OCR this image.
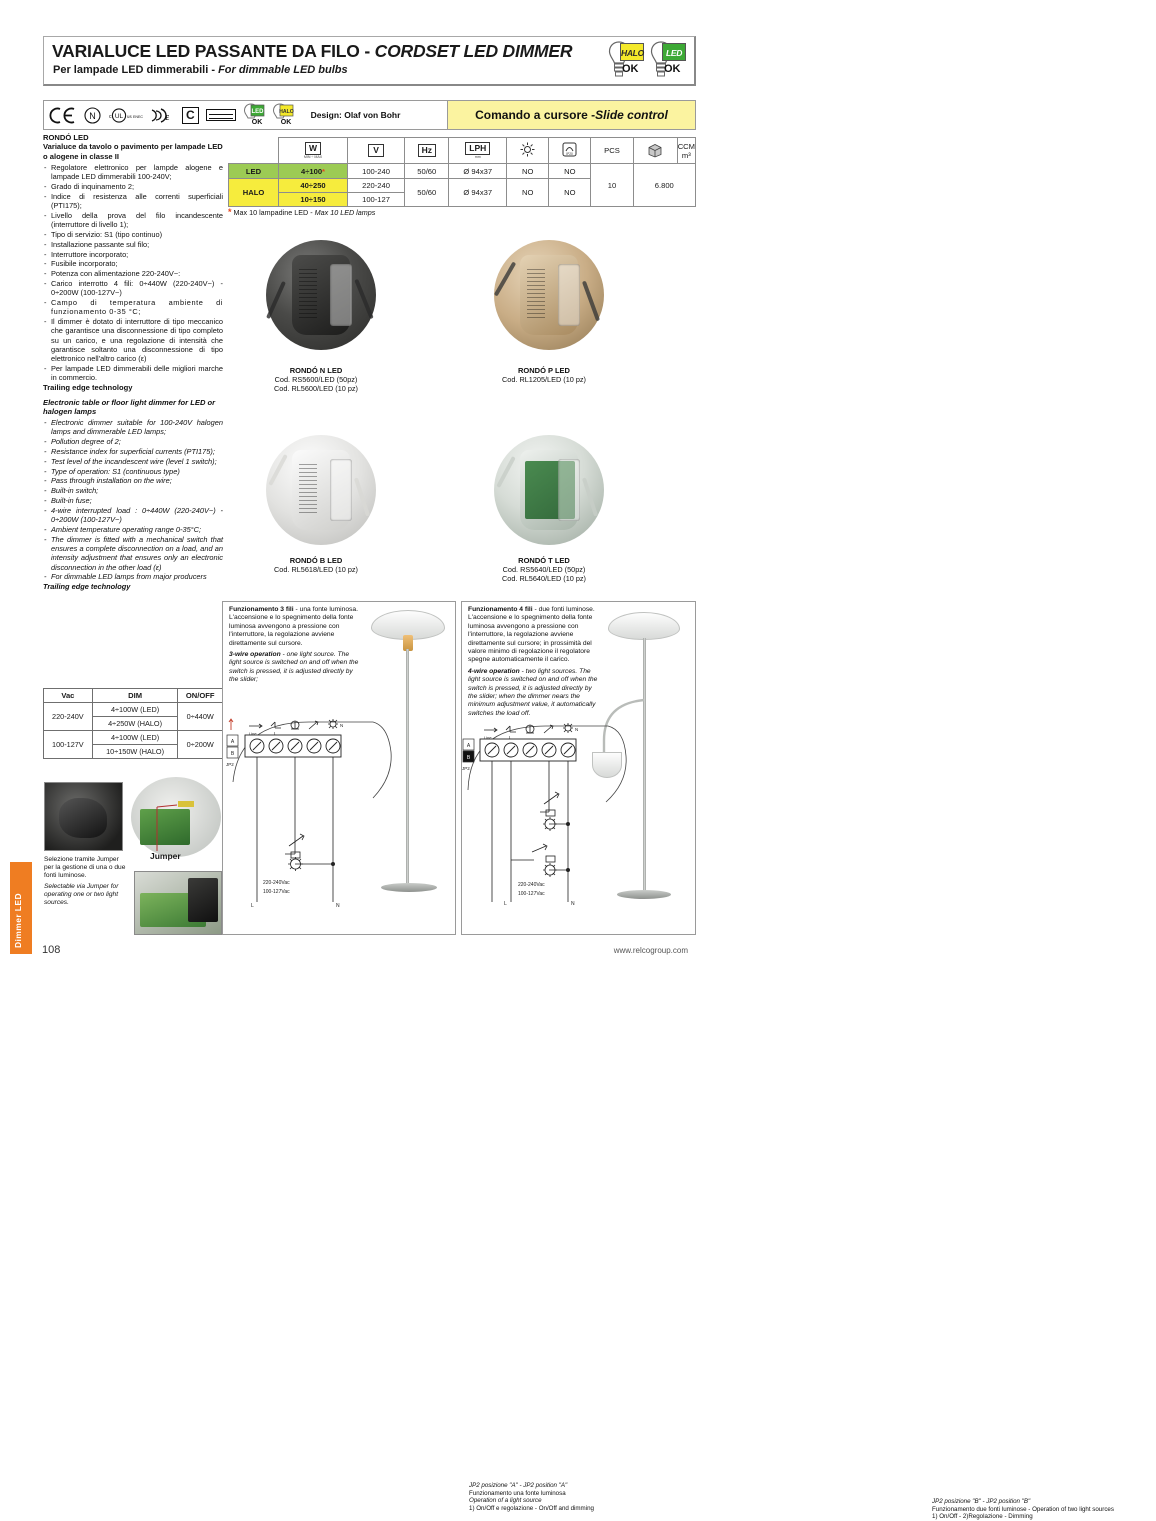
Dimmer LED
VARIALUCE LED PASSANTE DA FILO - CORDSET LED DIMMER
Per lampade LED dimmerabili - For dimmable LED bulbs
HALO
OK
LED
OK
N	c UL us ENEC ε	C	LED
OK
HALO
OK
Design: Olaf von Bohr	Comando a cursore - Slide control
RONDÓ LED
Varialuce da tavolo o pavimento per lampade LED o alogene in classe II
- Regolatore elettronico per lampde alogene e lampade LED dimmerabili 100-240V;
- Grado di inquinamento 2;
- Indice di resistenza alle correnti superficiali (PTI175);
- Livello della prova del filo incandescente (interruttore di livello 1);
- Tipo di servizio: S1 (tipo continuo)
- Installazione passante sul filo;
- Interruttore incorporato;
- Fusibile incorporato;
- Potenza con alimentazione 220-240V~:
- Carico interrotto 4 fili: 0÷440W (220-240V~) - 0÷200W (100-127V~)
- Campo di temperatura ambiente di funzionamento 0-35 °C;
- Il dimmer è dotato di interruttore di tipo meccanico che garantisce una disconnessione di tipo completo su un carico, e una regolazione di intensità che garantisce soltanto una disconnessione di tipo elettronico nell'altro carico (ε)
- Per lampade LED dimmerabili delle migliori marche in commercio.
Trailing edge technology
Electronic table or floor light dimmer for LED or halogen lamps
- Electronic dimmer suitable for 100-240V halogen lamps and dimmerable LED lamps;
- Pollution degree of 2;
- Resistance index for superficial currents (PTI175);
- Test level of the incandescent wire (level 1 switch);
- Type of operation: S1 (continuous type)
- Pass through installation on the wire;
- Built-in switch;
- Built-in fuse;
- 4-wire interrupted load : 0÷440W (220-240V~) - 0÷200W (100-127V~)
- Ambient temperature operating range 0-35°C;
- The dimmer is fitted with a mechanical switch that ensures a complete disconnection on a load, and an intensity adjustment that ensures only an electronic disconnection in the other load (ε)
- For dimmable LED lamps from major producers
Trailing edge technology
	W
MIN ÷ MAX	V	Hz	LPH
mm		IP20	PCS		CCM m³
LED	4÷100*	100-240	50/60	Ø 94x37	NO	NO	10	6.800	
HALO	40÷250	220-240	50/60	Ø 94x37	NO	NO			
	10÷150	100-127							
* Max 10 lampadine LED - Max 10 LED lamps
RONDÓ N LED
Cod. RS5600/LED (50pz)
Cod. RL5600/LED (10 pz)
RONDÓ P LED
Cod. RL1205/LED (10 pz)
RONDÓ B LED
Cod. RL5618/LED (10 pz)
RONDÓ T LED
Cod. RS5640/LED (50pz)
Cod. RL5640/LED (10 pz)
Vac	DIM	ON/OFF
220-240V	4÷100W (LED)	0÷440W
	4÷250W (HALO)	
100-127V	4÷100W (LED)	0÷200W
	10÷150W (HALO)	
Jumper
Selezione tramite Jumper per la gestione di una o due fonti luminose.
Selectable via Jumper for operating one or two light sources.
Funzionamento 3 fili - una fonte luminosa. L'accensione e lo spegnimento della fonte luminosa avvengono a pressione con l'interruttore, la regolazione avviene direttamente sul cursore.
3-wire operation - one light source. The light source is switched on and off when the switch is pressed, it is adjusted directly by the slider;
Line	L
N
220-240Vac
100-127Vac
L	N
A
B
JP2
JP2 posizione "A" - JP2 position "A"
Funzionamento una fonte luminosa
Operation of a light source
1) On/Off e regolazione - On/Off and dimming
Funzionamento 4 fili - due fonti luminose. L'accensione e lo spegnimento della fonte luminosa avvengono a pressione con l'interruttore, la regolazione avviene direttamente sul cursore; in prossimità del valore minimo di regolazione il regolatore spegne automaticamente il carico.
4-wire operation - two light sources. The light source is switched on and off when the switch is pressed, it is adjusted directly by the slider; when the dimmer nears the minimum adjustment value, it automatically switches the load off.
Line	L
N
220-240Vac
100-127Vac
L	N
A
B
JP2
JP2 posizione "B" - JP2 position "B"
Funzionamento due fonti luminose - Operation of two light sources
1) On/Off - 2)Regolazione - Dimming
108	www.relcogroup.com
